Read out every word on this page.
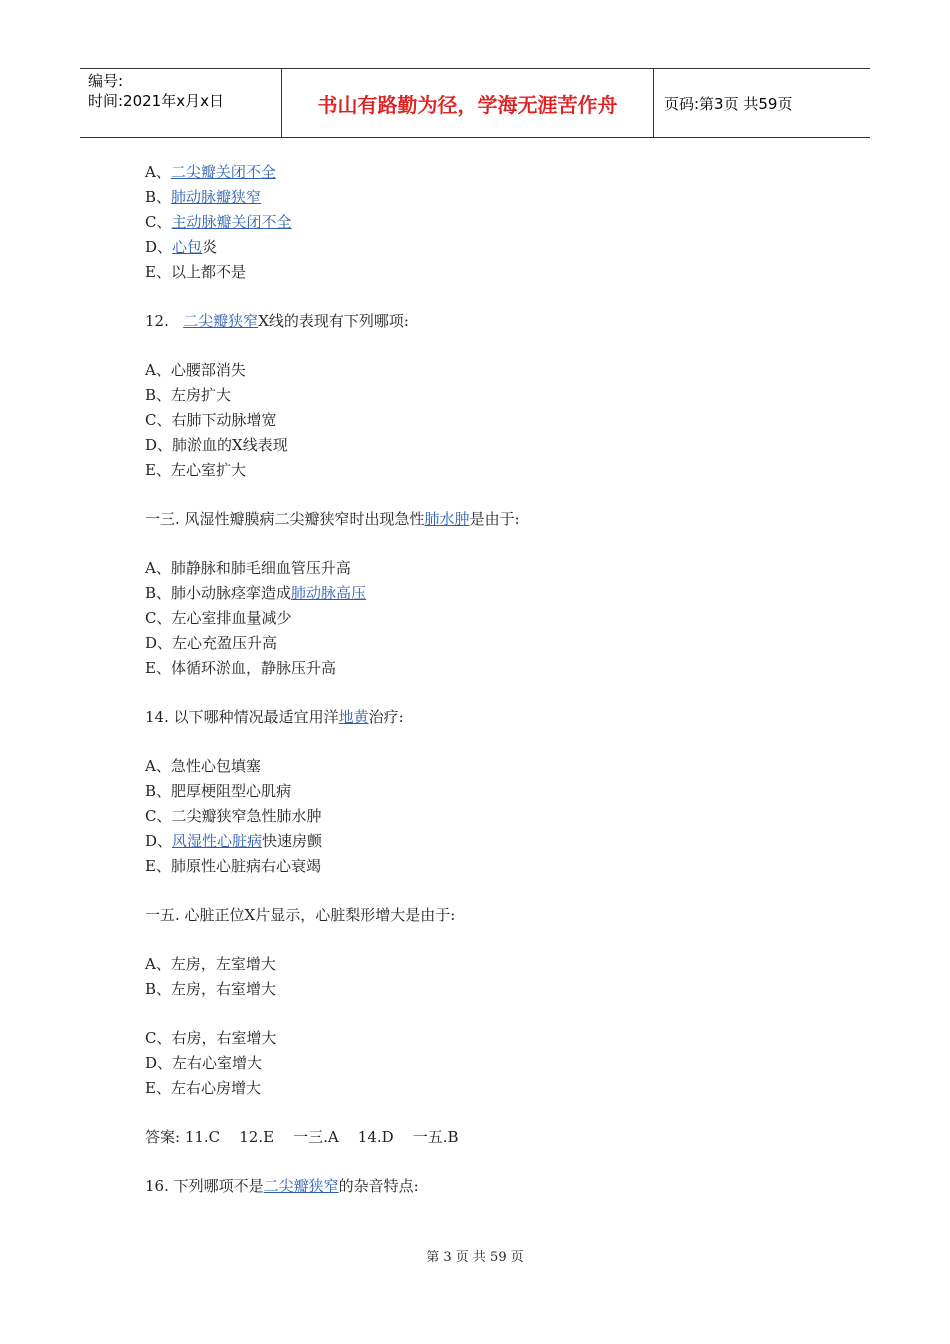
编号:
时间:2021年x月x日	书山有路勤为径，学海无涯苦作舟	页码:第3页 共59页
A、二尖瓣关闭不全
B、肺动脉瓣狭窄
C、主动脉瓣关闭不全
D、心包炎
E、以上都不是
12.   二尖瓣狭窄X线的表现有下列哪项:
A、心腰部消失
B、左房扩大
C、右肺下动脉增宽
D、肺淤血的X线表现
E、左心室扩大
一三. 风湿性瓣膜病二尖瓣狭窄时出现急性肺水肿是由于:
A、肺静脉和肺毛细血管压升高
B、肺小动脉痉挛造成肺动脉高压
C、左心室排血量减少
D、左心充盈压升高
E、体循环淤血，静脉压升高
14. 以下哪种情况最适宜用洋地黄治疗:
A、急性心包填塞
B、肥厚梗阻型心肌病
C、二尖瓣狭窄急性肺水肿
D、风湿性心脏病快速房颤
E、肺原性心脏病右心衰竭
一五. 心脏正位X片显示，心脏梨形增大是由于:
A、左房，左室增大
B、左房，右室增大
C、右房，右室增大
D、左右心室增大
E、左右心房增大
答案: 11.C    12.E    一三.A    14.D    一五.B
16. 下列哪项不是二尖瓣狭窄的杂音特点:
第 3 页 共 59 页
